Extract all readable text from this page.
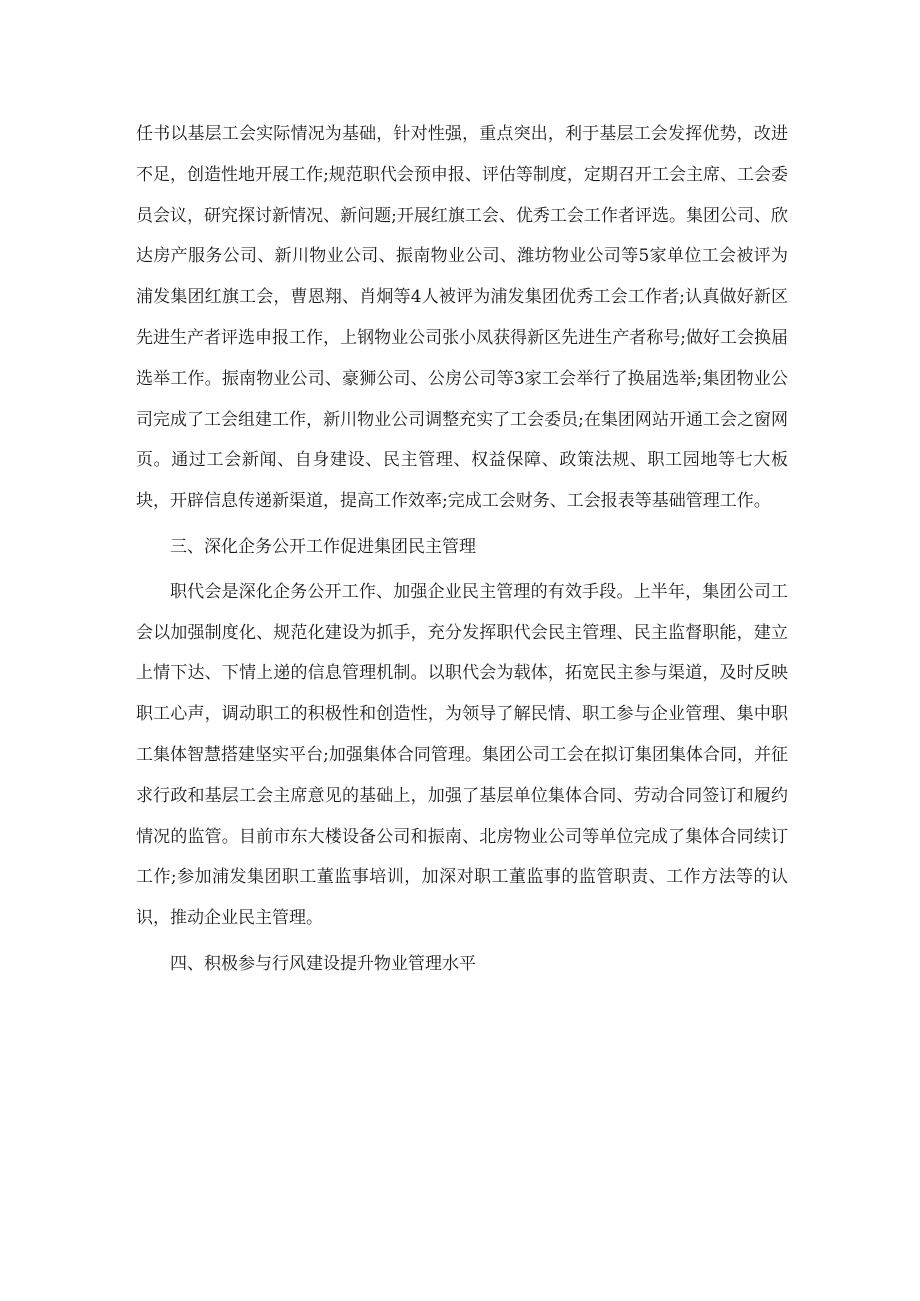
任书以基层工会实际情况为基础，针对性强，重点突出，利于基层工会发挥优势，改进不足，创造性地开展工作;规范职代会预申报、评估等制度，定期召开工会主席、工会委员会议，研究探讨新情况、新问题;开展红旗工会、优秀工会工作者评选。集团公司、欣达房产服务公司、新川物业公司、振南物业公司、潍坊物业公司等5家单位工会被评为浦发集团红旗工会，曹恩翔、肖炯等4人被评为浦发集团优秀工会工作者;认真做好新区先进生产者评选申报工作，上钢物业公司张小凤获得新区先进生产者称号;做好工会换届选举工作。振南物业公司、豪狮公司、公房公司等3家工会举行了换届选举;集团物业公司完成了工会组建工作，新川物业公司调整充实了工会委员;在集团网站开通工会之窗网页。通过工会新闻、自身建设、民主管理、权益保障、政策法规、职工园地等七大板块，开辟信息传递新渠道，提高工作效率;完成工会财务、工会报表等基础管理工作。

三、深化企务公开工作促进集团民主管理

职代会是深化企务公开工作、加强企业民主管理的有效手段。上半年，集团公司工会以加强制度化、规范化建设为抓手，充分发挥职代会民主管理、民主监督职能，建立上情下达、下情上递的信息管理机制。以职代会为载体，拓宽民主参与渠道，及时反映职工心声，调动职工的积极性和创造性，为领导了解民情、职工参与企业管理、集中职工集体智慧搭建坚实平台;加强集体合同管理。集团公司工会在拟订集团集体合同，并征求行政和基层工会主席意见的基础上，加强了基层单位集体合同、劳动合同签订和履约情况的监管。目前市东大楼设备公司和振南、北房物业公司等单位完成了集体合同续订工作;参加浦发集团职工董监事培训，加深对职工董监事的监管职责、工作方法等的认识，推动企业民主管理。

四、积极参与行风建设提升物业管理水平
